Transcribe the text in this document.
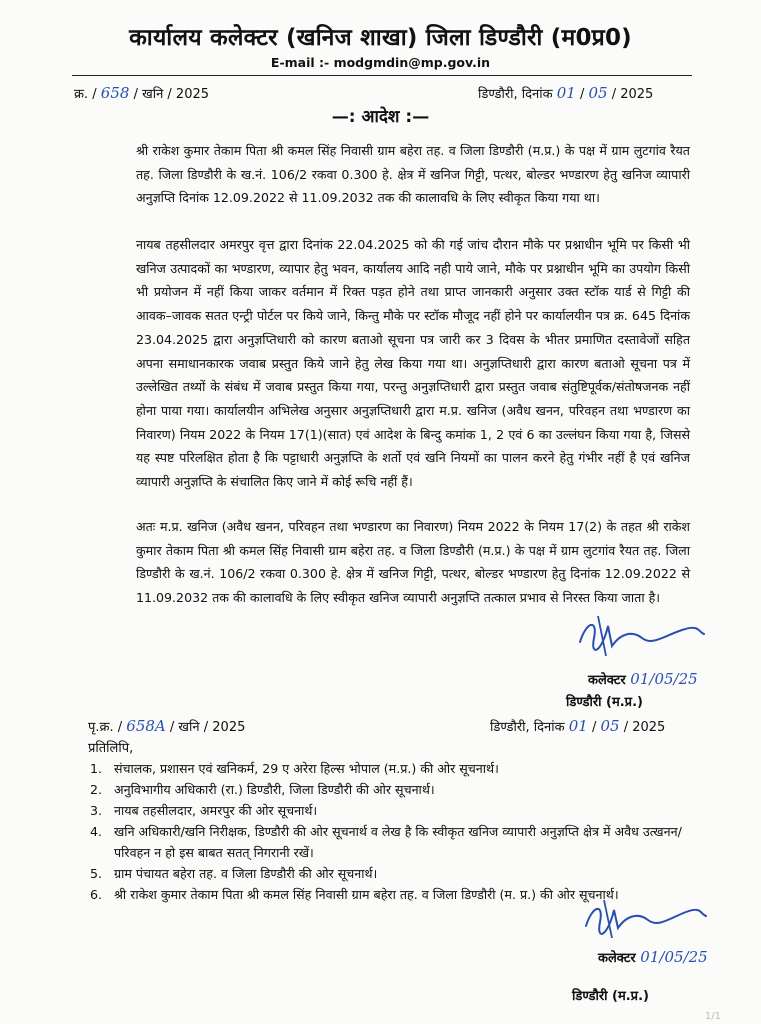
कार्यालय कलेक्टर (खनिज शाखा) जिला डिण्डौरी (म0प्र0)
E-mail :- modgmdin@mp.gov.in
क्र. / 658 / खनि / 2025	डिण्डौरी, दिनांक 01 / 05 / 2025
—: आदेश :—
श्री राकेश कुमार तेकाम पिता श्री कमल सिंह निवासी ग्राम बहेरा तह. व जिला डिण्डौरी (म.प्र.) के पक्ष में ग्राम लुटगांव रैयत तह. जिला डिण्डौरी के ख.नं. 106/2 रकवा 0.300 हे. क्षेत्र में खनिज गिट्टी, पत्थर, बोल्डर भण्डारण हेतु खनिज व्यापारी अनुज्ञप्ति दिनांक 12.09.2022 से 11.09.2032 तक की कालावधि के लिए स्वीकृत किया गया था।
नायब तहसीलदार अमरपुर वृत्त द्वारा दिनांक 22.04.2025 को की गई जांच दौरान मौके पर प्रश्नाधीन भूमि पर किसी भी खनिज उत्पादकों का भण्डारण, व्यापार हेतु भवन, कार्यालय आदि नही पाये जाने, मौके पर प्रश्नाधीन भूमि का उपयोग किसी भी प्रयोजन में नहीं किया जाकर वर्तमान में रिक्त पड़त होने तथा प्राप्त जानकारी अनुसार उक्त स्टॉक यार्ड से गिट्टी की आवक–जावक सतत एन्ट्री पोर्टल पर किये जाने, किन्तु मौके पर स्टॉक मौजूद नहीं होने पर कार्यालयीन पत्र क्र. 645 दिनांक 23.04.2025 द्वारा अनुज्ञप्तिधारी को कारण बताओ सूचना पत्र जारी कर 3 दिवस के भीतर प्रमाणित दस्तावेजों सहित अपना समाधानकारक जवाब प्रस्तुत किये जाने हेतु लेख किया गया था। अनुज्ञप्तिधारी द्वारा कारण बताओ सूचना पत्र में उल्लेखित तथ्यों के संबंध में जवाब प्रस्तुत किया गया, परन्तु अनुज्ञप्तिधारी द्वारा प्रस्तुत जवाब संतुष्टिपूर्वक/संतोषजनक नहीं होना पाया गया। कार्यालयीन अभिलेख अनुसार अनुज्ञप्तिधारी द्वारा म.प्र. खनिज (अवैध खनन, परिवहन तथा भण्डारण का निवारण) नियम 2022 के नियम 17(1)(सात) एवं आदेश के बिन्दु कमांक 1, 2 एवं 6 का उल्लंघन किया गया है, जिससे यह स्पष्ट परिलक्षित होता है कि पट्टाधारी अनुज्ञप्ति के शर्तो एवं खनि नियमों का पालन करने हेतु गंभीर नहीं है एवं खनिज व्यापारी अनुज्ञप्ति के संचालित किए जाने में कोई रूचि नहीं हैं।
अतः म.प्र. खनिज (अवैध खनन, परिवहन तथा भण्डारण का निवारण) नियम 2022 के नियम 17(2) के तहत श्री राकेश कुमार तेकाम पिता श्री कमल सिंह निवासी ग्राम बहेरा तह. व जिला डिण्डौरी (म.प्र.) के पक्ष में ग्राम लुटगांव रैयत तह. जिला डिण्डौरी के ख.नं. 106/2 रकवा 0.300 हे. क्षेत्र में खनिज गिट्टी, पत्थर, बोल्डर भण्डारण हेतु दिनांक 12.09.2022 से 11.09.2032 तक की कालावधि के लिए स्वीकृत खनिज व्यापारी अनुज्ञप्ति तत्काल प्रभाव से निरस्त किया जाता है।
कलेक्टर 01/05/25
डिण्डौरी (म.प्र.)
पृ.क्र. / 658A / खनि / 2025	डिण्डौरी, दिनांक 01 / 05 / 2025
प्रतिलिपि,
1. संचालक, प्रशासन एवं खनिकर्म, 29 ए अरेरा हिल्स भोपाल (म.प्र.) की ओर सूचनार्थ।
2. अनुविभागीय अधिकारी (रा.) डिण्डौरी, जिला डिण्डौरी की ओर सूचनार्थ।
3. नायब तहसीलदार, अमरपुर की ओर सूचनार्थ।
4. खनि अधिकारी/खनि निरीक्षक, डिण्डौरी की ओर सूचनार्थ व लेख है कि स्वीकृत खनिज व्यापारी अनुज्ञप्ति क्षेत्र में अवैध उत्खनन/परिवहन न हो इस बाबत सतत् निगरानी रखें।
5. ग्राम पंचायत बहेरा तह. व जिला डिण्डौरी की ओर सूचनार्थ।
6. श्री राकेश कुमार तेकाम पिता श्री कमल सिंह निवासी ग्राम बहेरा तह. व जिला डिण्डौरी (म. प्र.) की ओर सूचनार्थ।
कलेक्टर 01/05/25
डिण्डौरी (म.प्र.)
1/1
